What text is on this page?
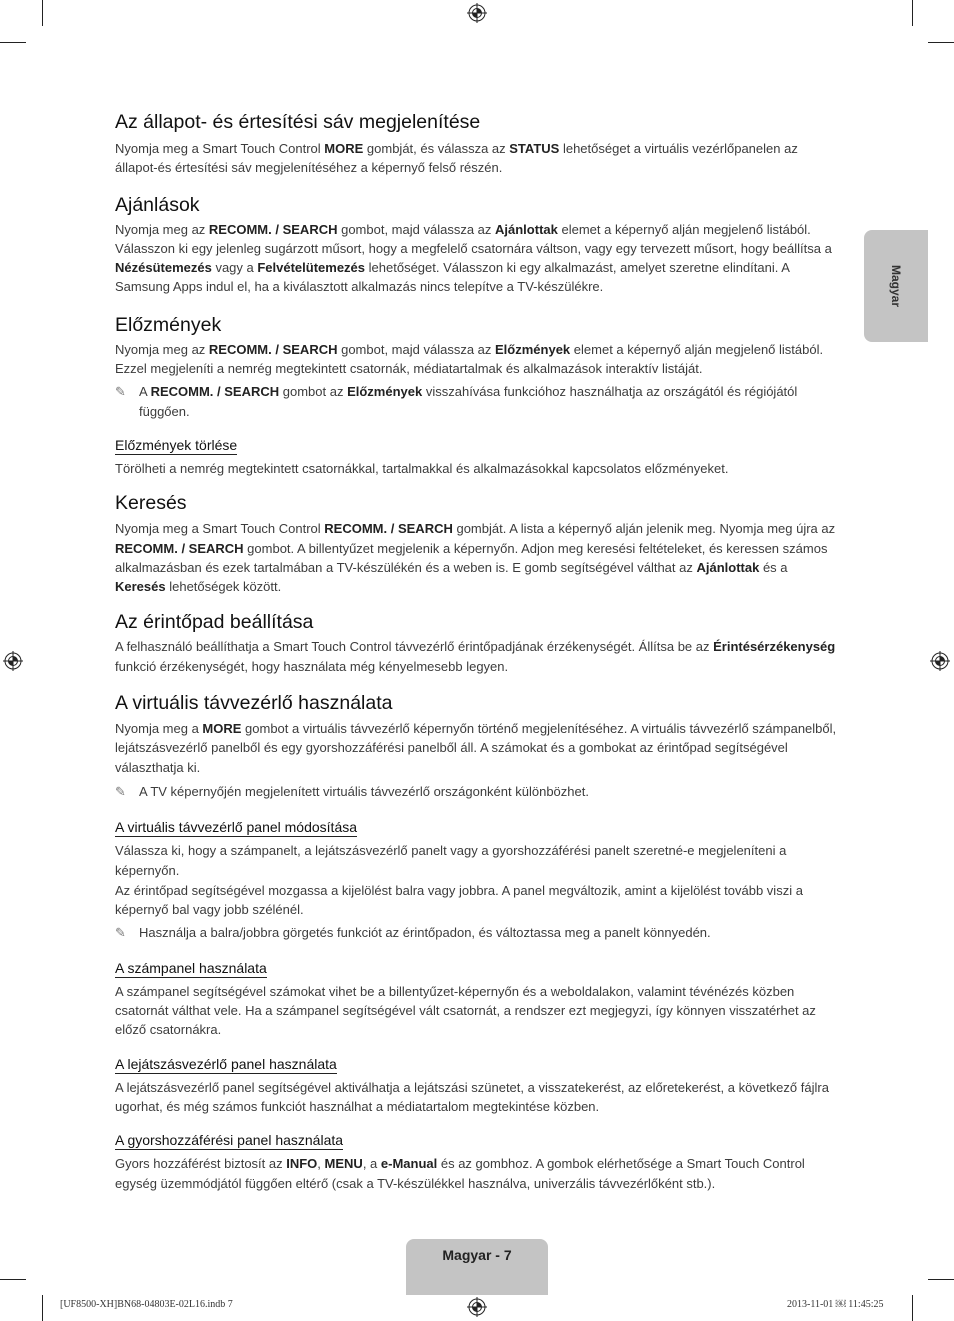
Magyar
Az állapot- és értesítési sáv megjelenítése

Nyomja meg a Smart Touch Control MORE gombját, és válassza az STATUS lehetőséget a virtuális vezérlőpanelen az állapot-és értesítési sáv megjelenítéséhez a képernyő felső részén.

Ajánlások

Nyomja meg az RECOMM. / SEARCH gombot, majd válassza az Ajánlottak elemet a képernyő alján megjelenő listából. Válasszon ki egy jelenleg sugárzott műsort, hogy a megfelelő csatornára váltson, vagy egy tervezett műsort, hogy beállítsa a Nézésütemezés vagy a Felvételütemezés lehetőséget. Válasszon ki egy alkalmazást, amelyet szeretne elindítani. A Samsung Apps indul el, ha a kiválasztott alkalmazás nincs telepítve a TV-készülékre.

Előzmények

Nyomja meg az RECOMM. / SEARCH gombot, majd válassza az Előzmények elemet a képernyő alján megjelenő listából. Ezzel megjeleníti a nemrég megtekintett csatornák, médiatartalmak és alkalmazások interaktív listáját.

✎ A RECOMM. / SEARCH gombot az Előzmények visszahívása funkcióhoz használhatja az országától és régiójától függően.

Előzmények törlése

Törölheti a nemrég megtekintett csatornákkal, tartalmakkal és alkalmazásokkal kapcsolatos előzményeket.

Keresés

Nyomja meg a Smart Touch Control RECOMM. / SEARCH gombját. A lista a képernyő alján jelenik meg. Nyomja meg újra az RECOMM. / SEARCH gombot. A billentyűzet megjelenik a képernyőn. Adjon meg keresési feltételeket, és keressen számos alkalmazásban és ezek tartalmában a TV-készülékén és a weben is. E gomb segítségével válthat az Ajánlottak és a Keresés lehetőségek között.

Az érintőpad beállítása

A felhasználó beállíthatja a Smart Touch Control távvezérlő érintőpadjának érzékenységét. Állítsa be az Érintésérzékenység funkció érzékenységét, hogy használata még kényelmesebb legyen.

A virtuális távvezérlő használata

Nyomja meg a MORE gombot a virtuális távvezérlő képernyőn történő megjelenítéséhez. A virtuális távvezérlő számpanelből, lejátszásvezérlő panelből és egy gyorshozzáférési panelből áll. A számokat és a gombokat az érintőpad segítségével választhatja ki.

✎ A TV képernyőjén megjelenített virtuális távvezérlő országonként különbözhet.

A virtuális távvezérlő panel módosítása

Válassza ki, hogy a számpanelt, a lejátszásvezérlő panelt vagy a gyorshozzáférési panelt szeretné-e megjeleníteni a képernyőn.

Az érintőpad segítségével mozgassa a kijelölést balra vagy jobbra. A panel megváltozik, amint a kijelölést tovább viszi a képernyő bal vagy jobb szélénél.

✎ Használja a balra/jobbra görgetés funkciót az érintőpadon, és változtassa meg a panelt könnyedén.

A számpanel használata

A számpanel segítségével számokat vihet be a billentyűzet-képernyőn és a weboldalakon, valamint tévénézés közben csatornát válthat vele. Ha a számpanel segítségével vált csatornát, a rendszer ezt megjegyzi, így könnyen visszatérhet az előző csatornákra.

A lejátszásvezérlő panel használata

A lejátszásvezérlő panel segítségével aktiválhatja a lejátszási szünetet, a visszatekerést, az előretekerést, a következő fájlra ugorhat, és még számos funkciót használhat a médiatartalom megtekintése közben.

A gyorshozzáférési panel használata

Gyors hozzáférést biztosít az INFO, MENU, a e-Manual és az gombhoz. A gombok elérhetősége a Smart Touch Control egység üzemmódjától függően eltérő (csak a TV-készülékkel használva, univerzális távvezérlőként stb.).

Magyar - 7
[UF8500-XH]BN68-04803E-02L16.indb 7	2013-11-01 ￼ 11:45:25
